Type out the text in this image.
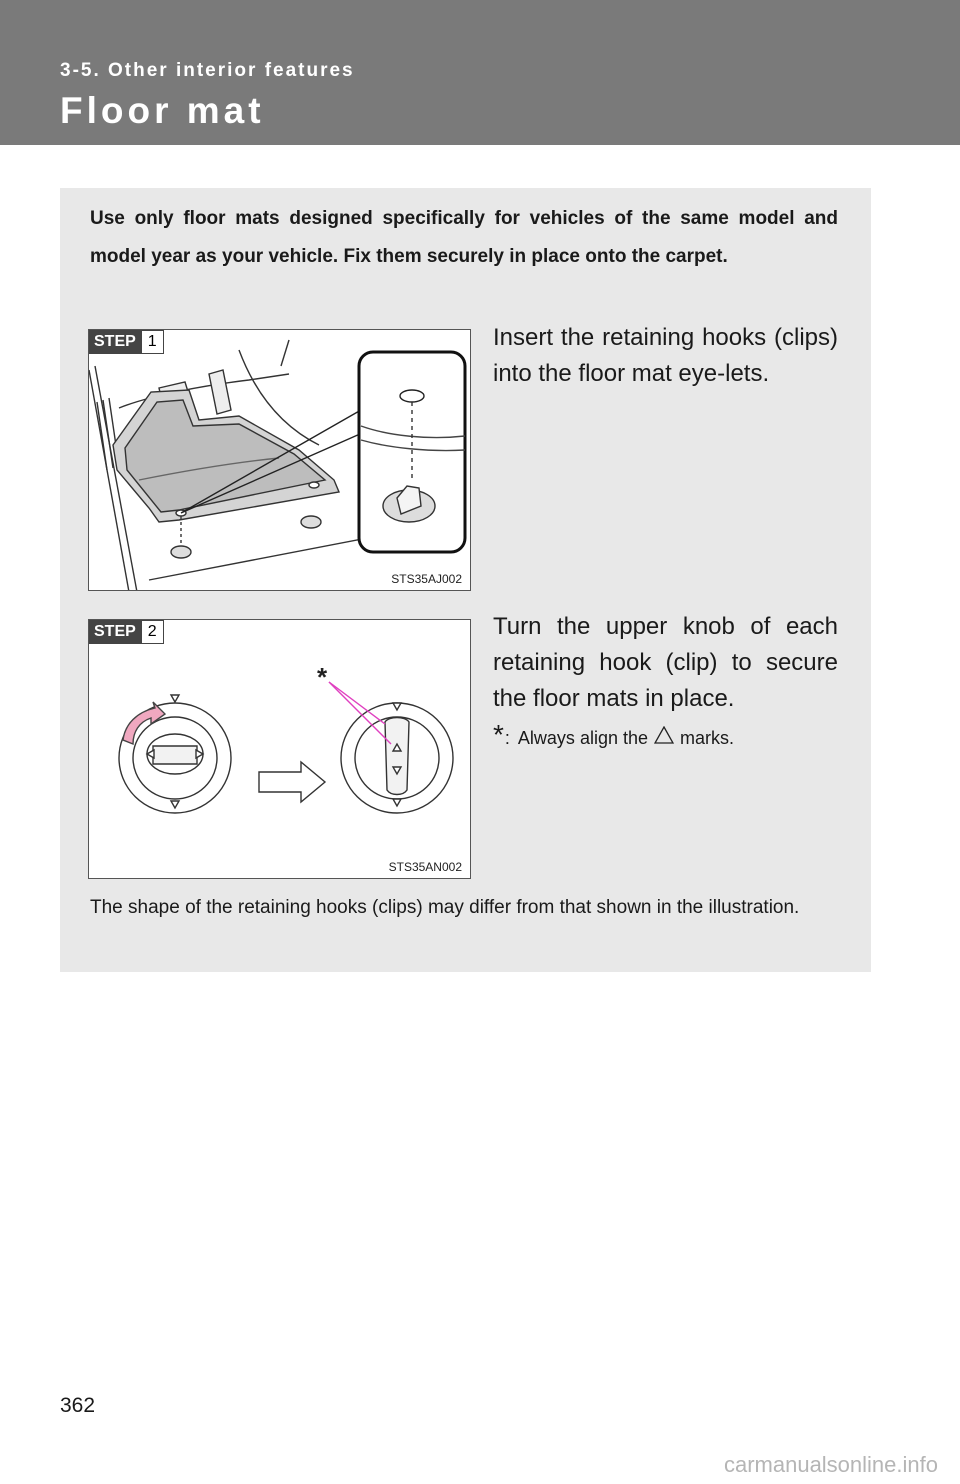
3-5. Other interior features
Floor mat
Use only floor mats designed specifically for vehicles of the same model and model year as your vehicle. Fix them securely in place onto the carpet.
STEP 1
STS35AJ002
Insert the retaining hooks (clips) into the floor mat eye-lets.
*
STEP 2
STS35AN002
Turn the upper knob of each retaining hook (clip) to secure the floor mats in place.
* : Always align the marks.
The shape of the retaining hooks (clips) may differ from that shown in the illustration.
362
carmanualsonline.info
